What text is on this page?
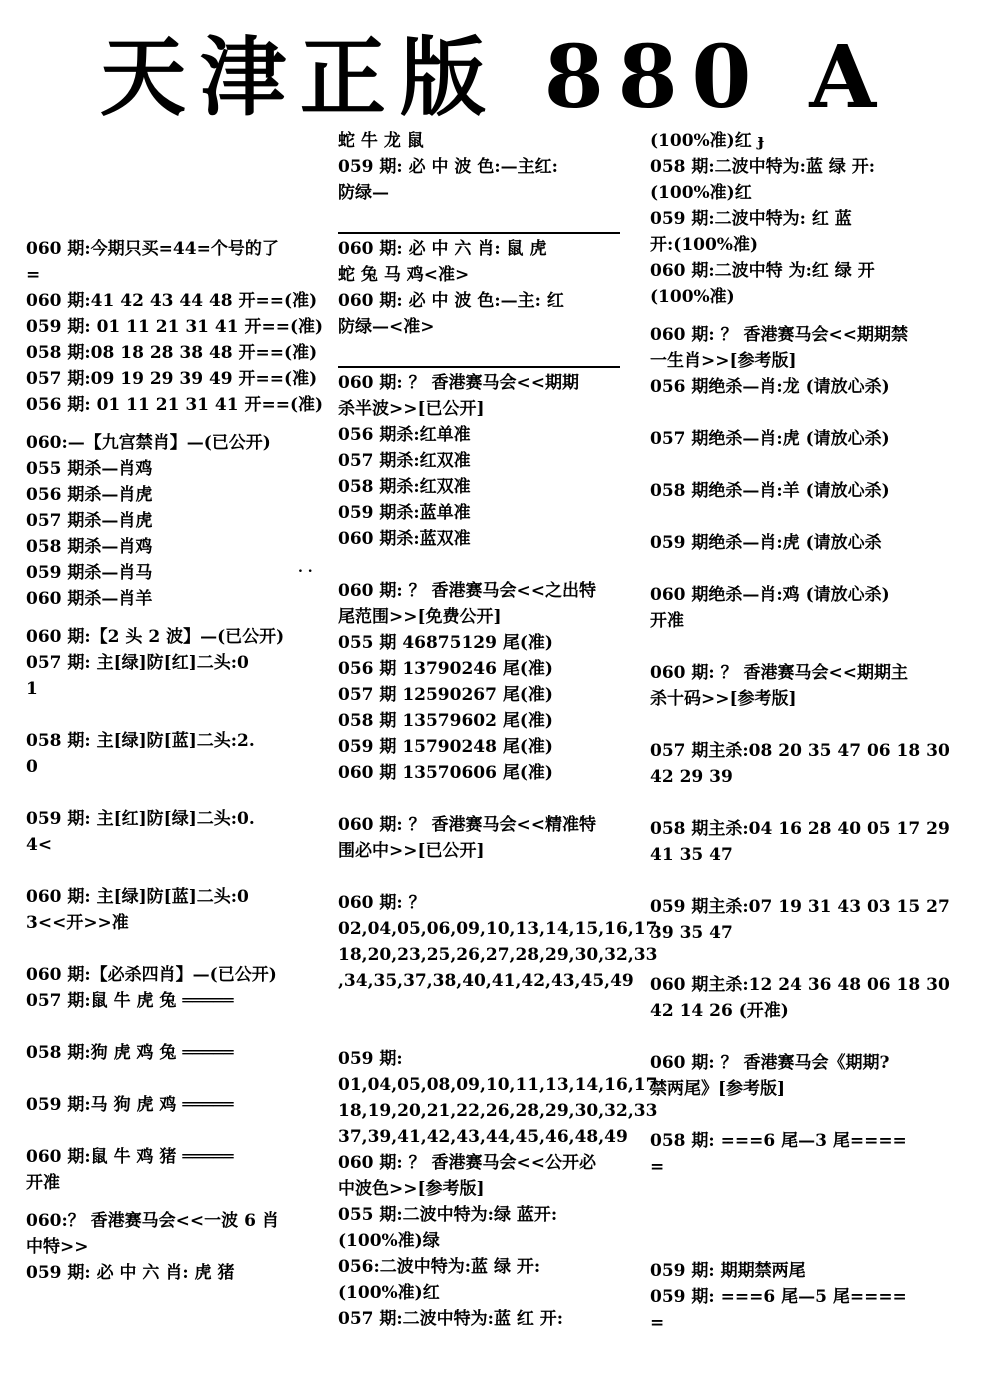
天津正版 880 A
. .
060 期:今期只买=44=个号的了
=
060 期:41 42 43 44 48 开==(准)
059 期: 01 11 21 31 41 开==(准)
058 期:08 18 28 38 48 开==(准)
057 期:09 19 29 39 49 开==(准)
056 期: 01 11 21 31 41 开==(准)
060:—【九宫禁肖】—(已公开)
055 期杀—肖鸡
056 期杀—肖虎
057 期杀—肖虎
058 期杀—肖鸡
059 期杀—肖马
060 期杀—肖羊
060 期:【2 头 2 波】—(已公开)
057 期: 主[绿]防[红]二头:0
1
058 期: 主[绿]防[蓝]二头:2.
0
059 期: 主[红]防[绿]二头:0.
4<
060 期: 主[绿]防[蓝]二头:0
3<<开>>准
060 期:【必杀四肖】—(已公开)
057 期:鼠 牛 虎 兔 ═════
058 期:狗 虎 鸡 兔 ═════
059 期:马 狗 虎 鸡 ═════
060 期:鼠 牛 鸡 猪 ═════
开准
060:？ 香港赛马会<<一波 6 肖
中特>>
059 期: 必 中 六 肖: 虎 猪
蛇 牛 龙 鼠
059 期: 必 中 波 色:—主红:
防绿—
060 期: 必 中 六 肖: 鼠 虎
蛇 兔 马 鸡<准>
060 期: 必 中 波 色:—主: 红
防绿—<准>
060 期: ？ 香港赛马会<<期期
杀半波>>[已公开]
056 期杀:红单准
057 期杀:红双准
058 期杀:红双准
059 期杀:蓝单准
060 期杀:蓝双准
060 期: ？ 香港赛马会<<之出特
尾范围>>[免费公开]
055 期 46875129 尾(准)
056 期 13790246 尾(准)
057 期 12590267 尾(准)
058 期 13579602 尾(准)
059 期 15790248 尾(准)
060 期 13570606 尾(准)
060 期: ？ 香港赛马会<<精准特
围必中>>[已公开]
060 期: ？
02,04,05,06,09,10,13,14,15,16,17
18,20,23,25,26,27,28,29,30,32,33
,34,35,37,38,40,41,42,43,45,49
059 期:
01,04,05,08,09,10,11,13,14,16,17
18,19,20,21,22,26,28,29,30,32,33
37,39,41,42,43,44,45,46,48,49
060 期: ？ 香港赛马会<<公开必
中波色>>[参考版]
055 期:二波中特为:绿 蓝开:
(100%准)绿
056:二波中特为:蓝 绿 开:
(100%准)红
057 期:二波中特为:蓝 红 开:
(100%准)红 ɟ
058 期:二波中特为:蓝 绿 开:
(100%准)红
059 期:二波中特为: 红 蓝
开:(100%准)
060 期:二波中特 为:红 绿 开
(100%准)
060 期: ？ 香港赛马会<<期期禁
一生肖>>[参考版]
056 期绝杀—肖:龙 (请放心杀)
057 期绝杀—肖:虎 (请放心杀)
058 期绝杀—肖:羊 (请放心杀)
059 期绝杀—肖:虎 (请放心杀
060 期绝杀—肖:鸡 (请放心杀)
开准
060 期: ？ 香港赛马会<<期期主
杀十码>>[参考版]
057 期主杀:08 20 35 47 06 18 30
42 29 39
058 期主杀:04 16 28 40 05 17 29
41 35 47
059 期主杀:07 19 31 43 03 15 27
39 35 47
060 期主杀:12 24 36 48 06 18 30
42 14 26 (开准)
060 期: ？ 香港赛马会《期期?
禁两尾》[参考版]
058 期: ===6 尾—3 尾====
=
059 期: 期期禁两尾
059 期: ===6 尾—5 尾====
=
